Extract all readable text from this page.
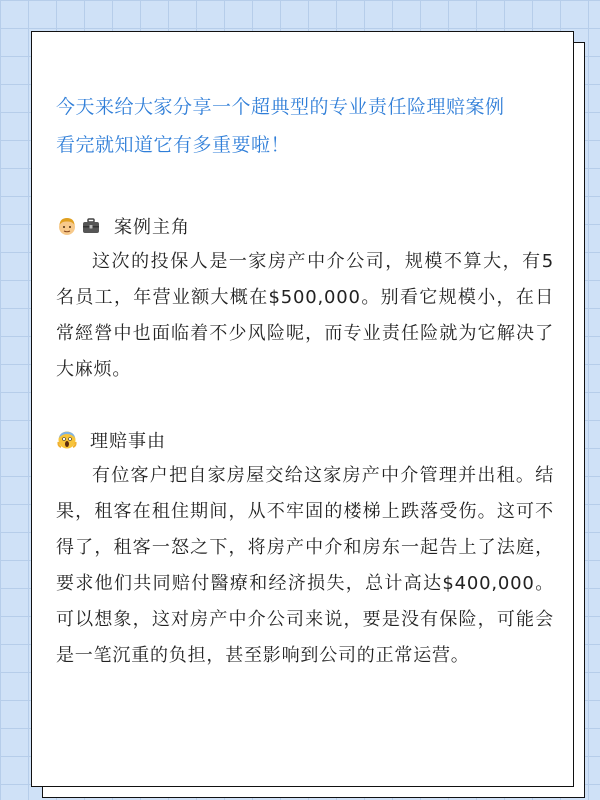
今天来给大家分享一个超典型的专业责任险理赔案例
看完就知道它有多重要啦！
案例主角

这次的投保人是一家房产中介公司，规模不算大，有5名员工，年营业额大概在$500,000。别看它规模小，在日常經營中也面临着不少风险呢，而专业责任险就为它解决了大麻烦。

理赔事由

有位客户把自家房屋交给这家房产中介管理并出租。结果，租客在租住期间，从不牢固的楼梯上跌落受伤。这可不得了，租客一怒之下，将房产中介和房东一起告上了法庭，要求他们共同赔付醫療和经济损失，总计高达$400,000。可以想象，这对房产中介公司来说，要是没有保险，可能会是一笔沉重的负担，甚至影响到公司的正常运营。
